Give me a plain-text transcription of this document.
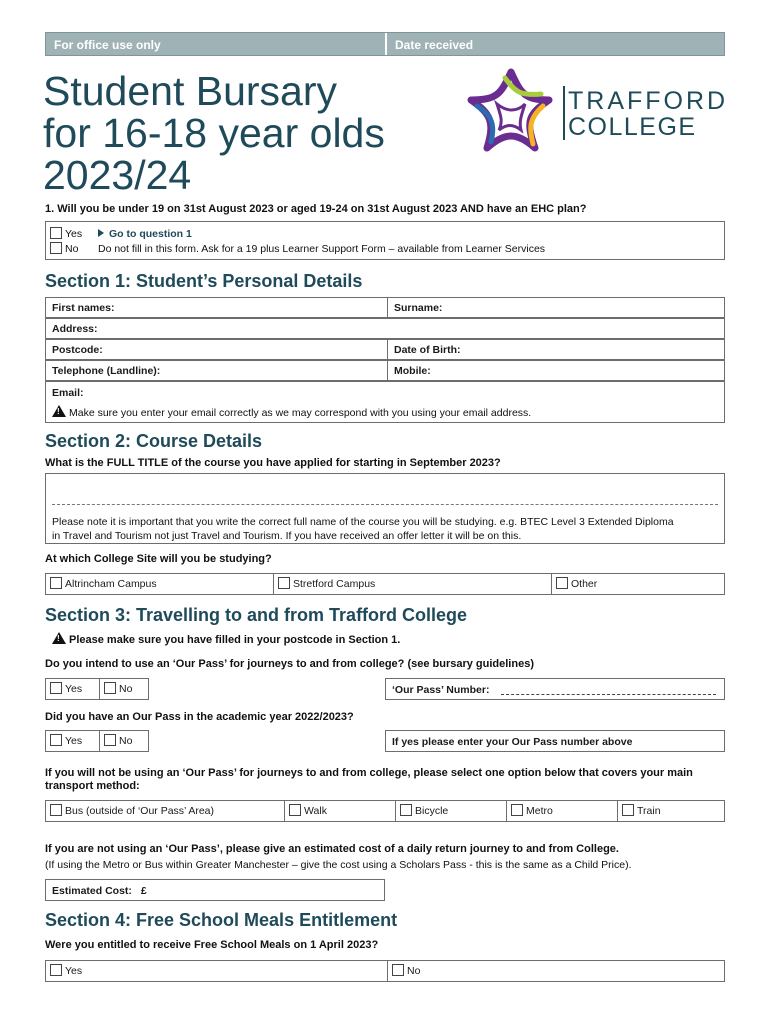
For office use only	Date received
Student Bursary
for 16-18 year olds
2023/24
TRAFFORD
COLLEGE
1. Will you be under 19 on 31st August 2023 or aged 19-24 on 31st August 2023 AND have an EHC plan?
Yes	Go to question 1
No Do not fill in this form. Ask for a 19 plus Learner Support Form – available from Learner Services
Section 1: Student’s Personal Details
First names:	Surname:
Address:
Postcode:	Date of Birth:
Telephone (Landline):	Mobile:
Email:
!Make sure you enter your email correctly as we may correspond with you using your email address.
Section 2: Course Details
What is the FULL TITLE of the course you have applied for starting in September 2023?
Please note it is important that you write the correct full name of the course you will be studying. e.g. BTEC Level 3 Extended Diploma
in Travel and Tourism not just Travel and Tourism. If you have received an offer letter it will be on this.
At which College Site will you be studying?
Altrincham Campus	Stretford Campus	Other
Section 3: Travelling to and from Trafford College
!Please make sure you have filled in your postcode in Section 1.
Do you intend to use an ‘Our Pass’ for journeys to and from college? (see bursary guidelines)
Yes	No	‘Our Pass’ Number:
Did you have an Our Pass in the academic year 2022/2023?
Yes	No	If yes please enter your Our Pass number above
If you will not be using an ‘Our Pass’ for journeys to and from college, please select one option below that covers your main
transport method:
Bus (outside of ‘Our Pass’ Area)	Walk	Bicycle	Metro	Train
If you are not using an ‘Our Pass’, please give an estimated cost of a daily return journey to and from College.
(If using the Metro or Bus within Greater Manchester – give the cost using a Scholars Pass - this is the same as a Child Price).
Estimated Cost: £
Section 4: Free School Meals Entitlement
Were you entitled to receive Free School Meals on 1 April 2023?
Yes	No
